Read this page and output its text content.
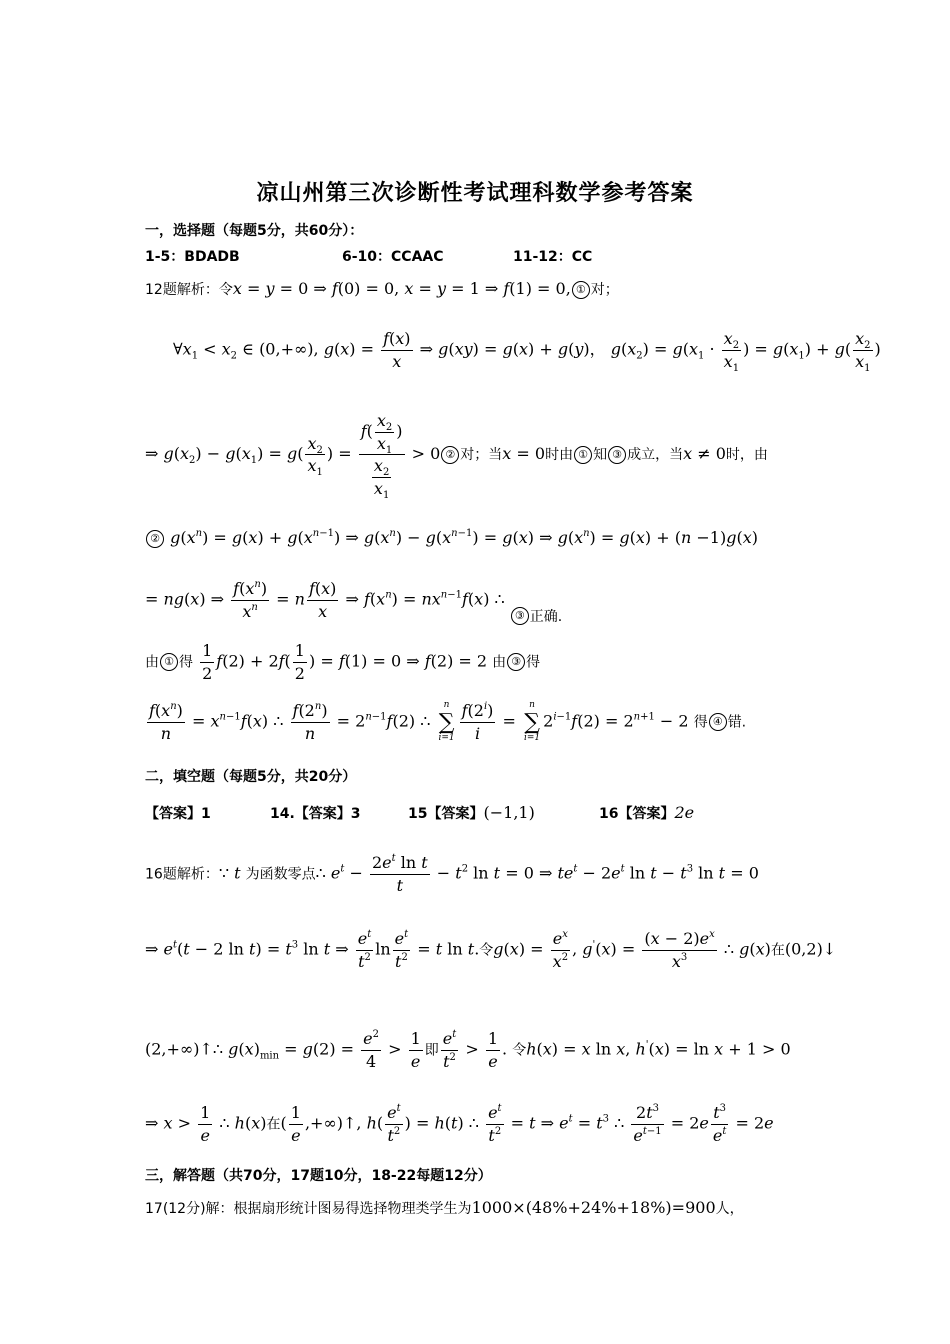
凉山州第三次诊断性考试理科数学参考答案
一，选择题（每题5分，共60分）：
1-5：BDADB	6-10：CCAAC	11-12：CC
12题解析：令x = y = 0 ⇒ f(0) = 0, x = y = 1 ⇒ f(1) = 0, ① 对；
$\forall x_1 < x_2$ ∈ (0,+∞), $g(x) = \frac{f(x)}{x}$ ⇒ g(xy) = g(x) + g(y)， $g(x_2) = g(x_1 \cdot \frac{x_2}{x_1}$ ) = $g(x_1) + g( \frac{x_2}{x_1}$ )
⇒ $g(x_2) - g(x_1) = g( \frac{x_2}{x_1}$ ) = $\frac{f( \frac{x_2}{x_1} )}{\frac{x_2}{x_1}} > 0$ ② 对；当x = 0时由 ① 知 ③ 成立，当x ≠ 0时，由
② $g(x^n) = g(x) + g(x^{n-1})$ ⇒ $g(x^n) - g(x^{n-1}) = g(x)$ ⇒ $g(x^n) = g(x) + (n -1)g(x)$
= ng(x) ⇒ $\frac{f(x^n)}{x^n} = n \frac{f(x)}{x}$ ⇒ $f(x^n) = nx^{n-1}f(x)$ ∴ ③ 正确.
由 ① 得 $\frac{1}{2} f(2) + 2f( \frac{1}{2}$ ) = f(1) = 0 ⇒ f(2) = 2 由 ③ 得
$\frac{f(x^n)}{n} = x^{n-1}f(x)$ ∴ $\frac{f(2^n)}{n} = 2^{n-1}f(2)$ ∴
n
∑
$i=1 \frac{f(2^i)}{i}$ =
n
∑
i=1
$2^{i-1}f(2) = 2^{n+1} - 2$ 得 ④ 错.
二，填空题（每题5分，共20分）
【答案】1	14.【答案】3	15【答案】(−1,1)	16【答案】2e
16题解析：∵ t 为函数零点∴ $e^t - \frac{2e^t \ln t}{t} - t^2$ ln t = 0 ⇒ $te^t - 2e^t$ $\ln t - t^3$ ln t = 0
⇒ $e^t(t - 2$ $\ln t) = t^3$ ln t ⇒ $\frac{e^t}{t^2}$ $\ln \frac{e^t}{t^2} = t$ ln t.令$g(x) = \frac{e^x}{x^2}$ , $g'(x) = \frac{(x - 2)e^x}{x^3}$ ∴ g(x)在(0,2)↓
(2,+∞)↑∴ $g(x)_{min} = g(2) = \frac{e^2}{4} > \frac{1}{e}$ 即 $\frac{e^t}{t^2} > \frac{1}{e}$ . 令h(x) = x ln x, h'(x) = ln x + 1 > 0
⇒ $x > \frac{1}{e}$ ∴ h(x)在( $\frac{1}{e}$ ,+∞)↑, $h( \frac{e^t}{t^2}$ ) = h(t) ∴ $\frac{e^t}{t^2} = t$ ⇒ $e^t = t^3$ ∴ $\frac{2t^3}{e^{t-1}} = 2e \frac{t^3}{e^t} = 2e$
三，解答题（共70分，17题10分，18-22每题12分）
17(12分)解：根据扇形统计图易得选择物理类学生为1000×(48%+24%+18%)=900人，
